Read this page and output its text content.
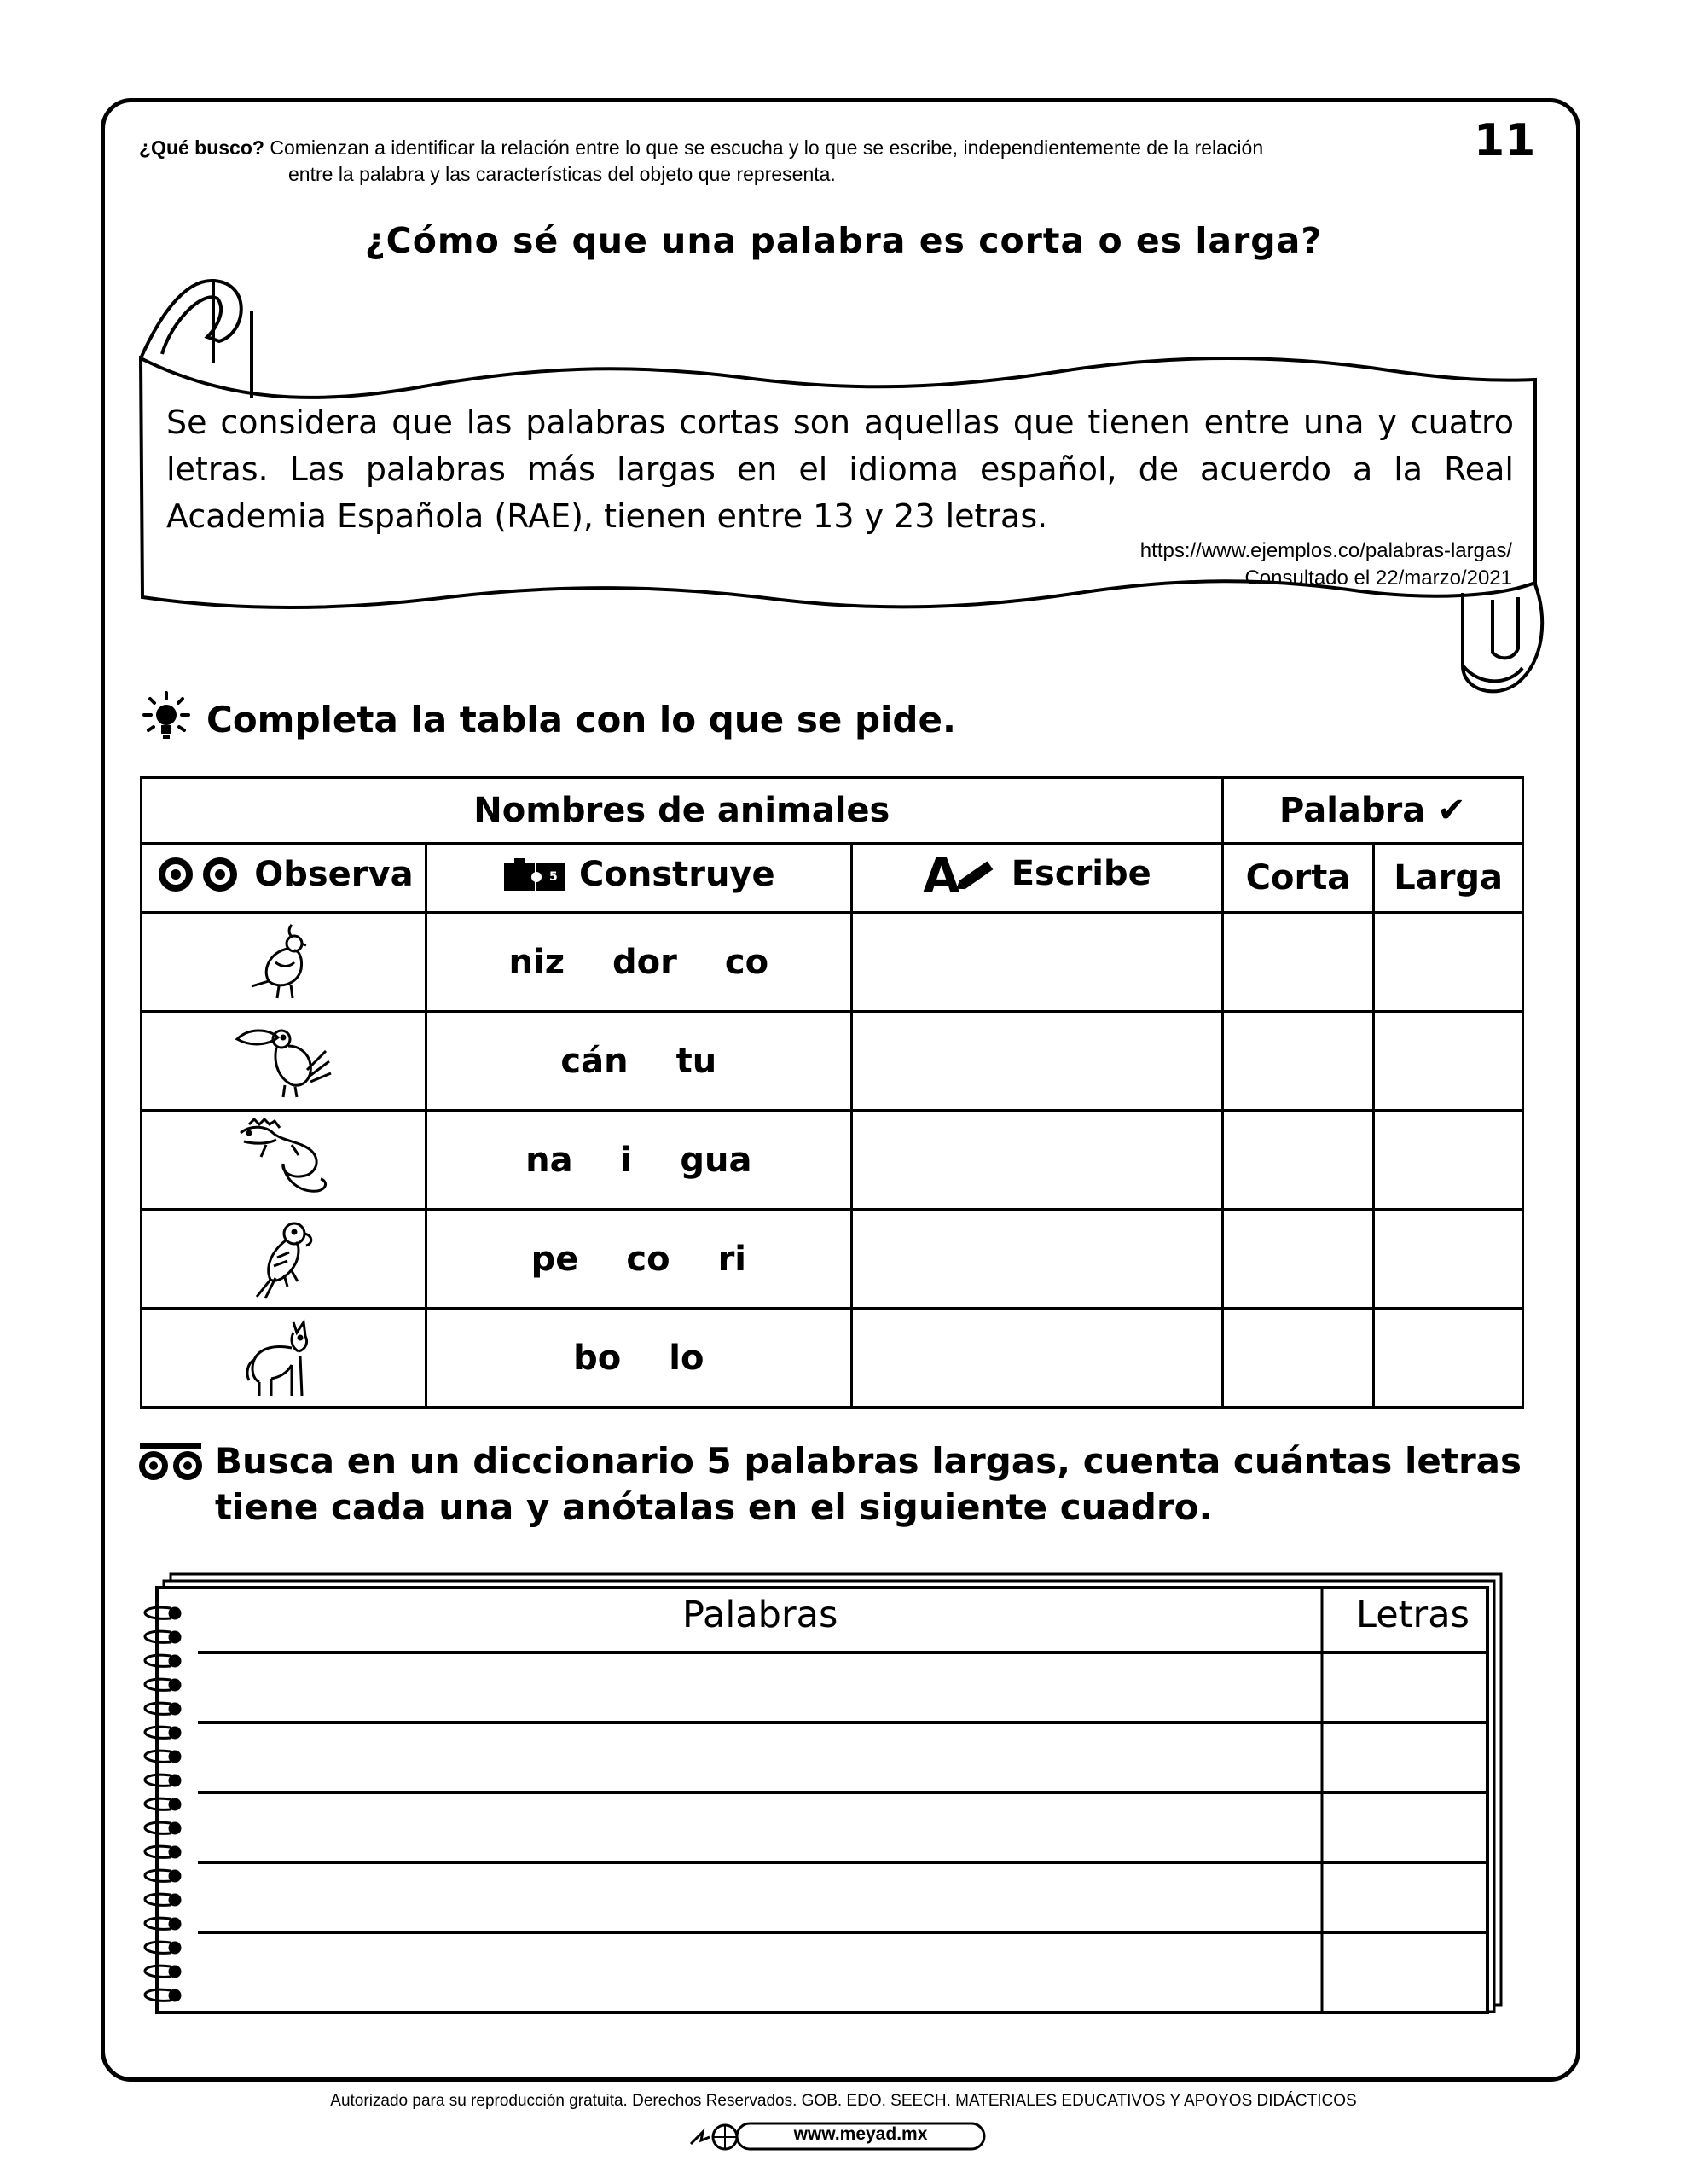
¿Qué busco? Comienzan a identificar la relación entre lo que se escucha y lo que se escribe, independientemente de la relación
entre la palabra y las características del objeto que representa.
11
¿Cómo sé que una palabra es corta o es larga?
Se considera que las palabras cortas son aquellas que tienen entre una y cuatro letras. Las palabras más largas en el idioma español, de acuerdo a la Real Academia Española (RAE), tienen entre 13 y 23 letras.
https://www.ejemplos.co/palabras-largas/
Consultado el 22/marzo/2021
Completa la tabla con lo que se pide.
Nombres de animales			Palabra ✔	

Observa	5 Construye	A Escribe	Corta	Larga
	niz dor co			
	cán tu			
	na i gua			
	pe co ri			
	bo lo			
Busca en un diccionario 5 palabras largas, cuenta cuántas letras
tiene cada una y anótalas en el siguiente cuadro.
Palabras	Letras
Autorizado para su reproducción gratuita. Derechos Reservados. GOB. EDO. SEECH. MATERIALES EDUCATIVOS Y APOYOS DIDÁCTICOS
www.meyad.mx
